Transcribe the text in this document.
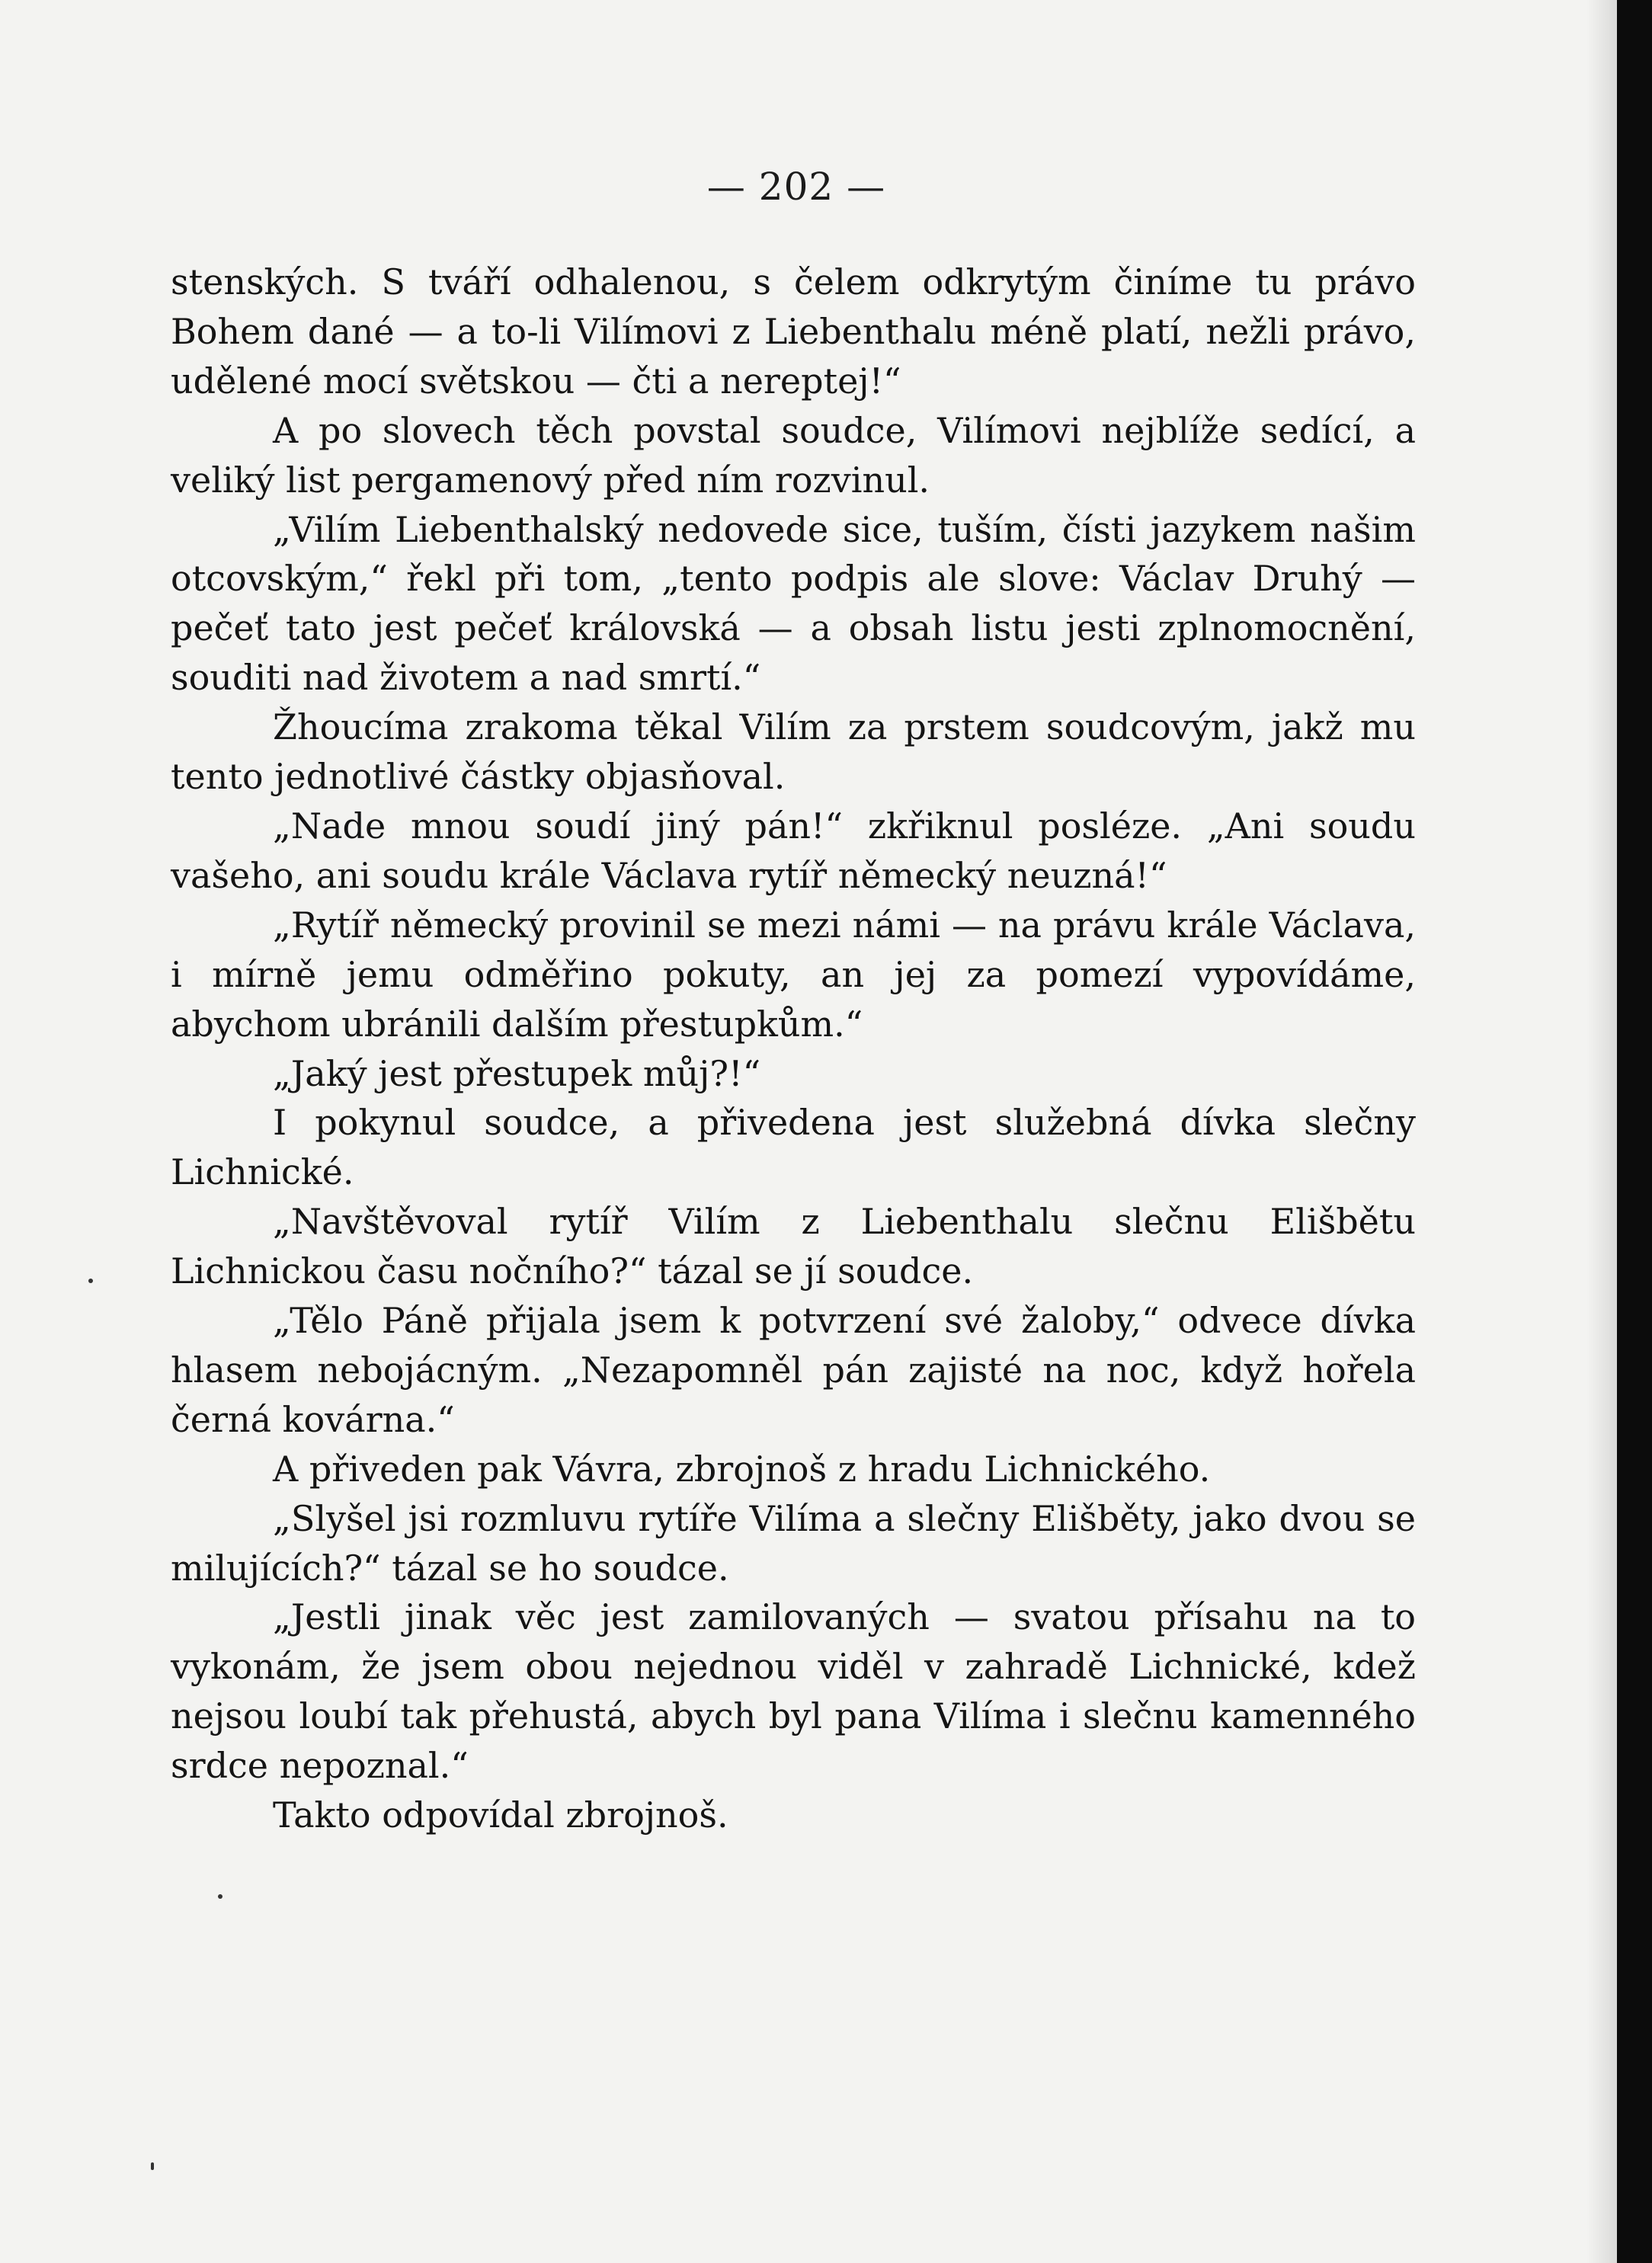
— 202 —

stenských. S tváří odhalenou, s čelem odkrytým činíme tu právo Bohem dané — a to-li Vilímovi z Liebenthalu méně platí, nežli právo, udělené mocí světskou — čti a nereptej!“

A po slovech těch povstal soudce, Vilímovi nejblíže sedící, a veliký list pergamenový před ním rozvinul.

„Vilím Liebenthalský nedovede sice, tuším, čísti jazykem našim otcovským,“ řekl při tom, „tento podpis ale slove: Václav Druhý — pečeť tato jest pečeť královská — a obsah listu jesti zplnomocnění, souditi nad životem a nad smrtí.“

Žhoucíma zrakoma těkal Vilím za prstem soudcovým, jakž mu tento jednotlivé částky objasňoval.

„Nade mnou soudí jiný pán!“ zkřiknul posléze. „Ani soudu vašeho, ani soudu krále Václava rytíř německý neuzná!“

„Rytíř německý provinil se mezi námi — na právu krále Václava, i mírně jemu odměřino pokuty, an jej za pomezí vypovídáme, abychom ubránili dalším přestupkům.“

„Jaký jest přestupek můj?!“

I pokynul soudce, a přivedena jest služebná dívka slečny Lichnické.

„Navštěvoval rytíř Vilím z Liebenthalu slečnu Elišbětu Lichnickou času nočního?“ tázal se jí soudce.

„Tělo Páně přijala jsem k potvrzení své žaloby,“ odvece dívka hlasem nebojácným. „Nezapomněl pán zajisté na noc, když hořela černá kovárna.“

A přiveden pak Vávra, zbrojnoš z hradu Lichnického.

„Slyšel jsi rozmluvu rytíře Vilíma a slečny Elišběty, jako dvou se milujících?“ tázal se ho soudce.

„Jestli jinak věc jest zamilovaných — svatou přísahu na to vykonám, že jsem obou nejednou viděl v zahradě Lichnické, kdež nejsou loubí tak přehustá, abych byl pana Vilíma i slečnu kamenného srdce nepoznal.“

Takto odpovídal zbrojnoš.
